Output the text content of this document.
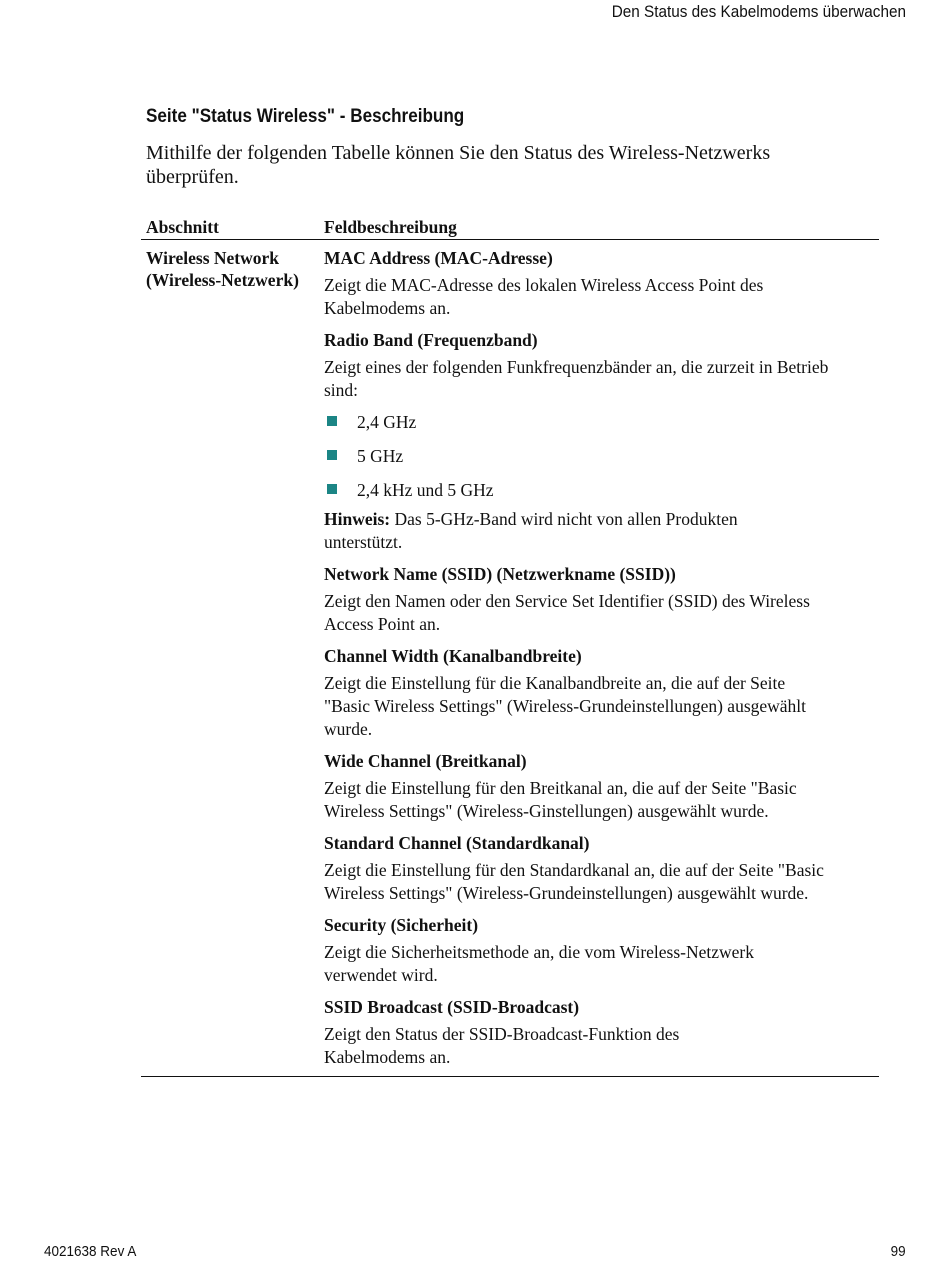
Den Status des Kabelmodems überwachen
Seite "Status Wireless" - Beschreibung
Mithilfe der folgenden Tabelle können Sie den Status des Wireless-Netzwerks überprüfen.
Abschnitt	Feldbeschreibung
Wireless Network (Wireless-Netzwerk)
MAC Address (MAC-Adresse)
Zeigt die MAC-Adresse des lokalen Wireless Access Point des Kabelmodems an.
Radio Band (Frequenzband)
Zeigt eines der folgenden Funkfrequenzbänder an, die zurzeit in Betrieb sind:
2,4 GHz
5 GHz
2,4 kHz und 5 GHz
Hinweis: Das 5-GHz-Band wird nicht von allen Produkten unterstützt.
Network Name (SSID) (Netzwerkname (SSID))
Zeigt den Namen oder den Service Set Identifier (SSID) des Wireless Access Point an.
Channel Width (Kanalbandbreite)
Zeigt die Einstellung für die Kanalbandbreite an, die auf der Seite "Basic Wireless Settings" (Wireless-Grundeinstellungen) ausgewählt wurde.
Wide Channel (Breitkanal)
Zeigt die Einstellung für den Breitkanal an, die auf der Seite "Basic Wireless Settings" (Wireless-Ginstellungen) ausgewählt wurde.
Standard Channel (Standardkanal)
Zeigt die Einstellung für den Standardkanal an, die auf der Seite "Basic Wireless Settings" (Wireless-Grundeinstellungen) ausgewählt wurde.
Security (Sicherheit)
Zeigt die Sicherheitsmethode an, die vom Wireless-Netzwerk verwendet wird.
SSID Broadcast (SSID-Broadcast)
Zeigt den Status der SSID-Broadcast-Funktion des Kabelmodems an.
4021638 Rev A	99
